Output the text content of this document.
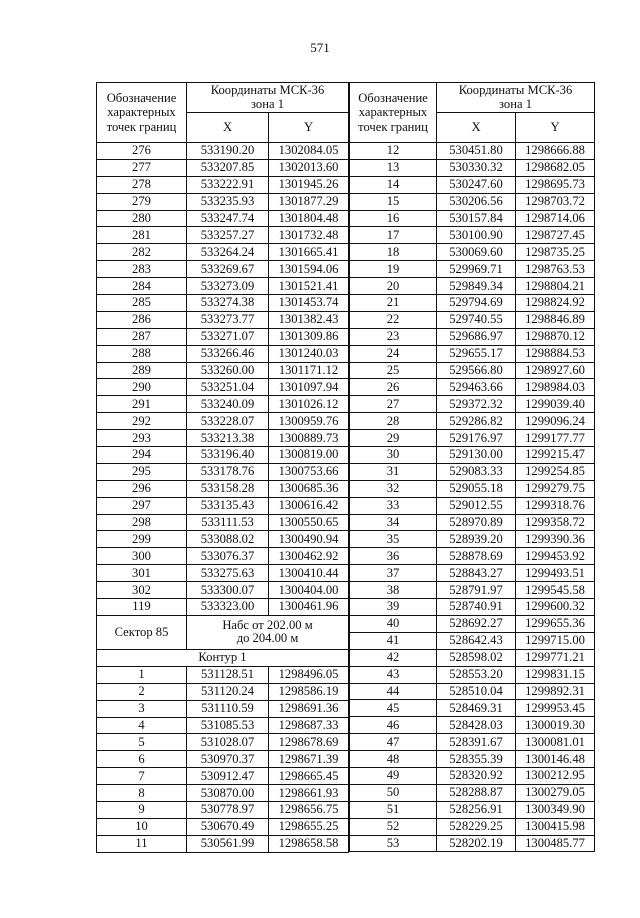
571
Обозначение характерных точек границ	Координаты МСК-36
зона 1	
	X	Y
276	533190.20	1302084.05
277	533207.85	1302013.60
278	533222.91	1301945.26
279	533235.93	1301877.29
280	533247.74	1301804.48
281	533257.27	1301732.48
282	533264.24	1301665.41
283	533269.67	1301594.06
284	533273.09	1301521.41
285	533274.38	1301453.74
286	533273.77	1301382.43
287	533271.07	1301309.86
288	533266.46	1301240.03
289	533260.00	1301171.12
290	533251.04	1301097.94
291	533240.09	1301026.12
292	533228.07	1300959.76
293	533213.38	1300889.73
294	533196.40	1300819.00
295	533178.76	1300753.66
296	533158.28	1300685.36
297	533135.43	1300616.42
298	533111.53	1300550.65
299	533088.02	1300490.94
300	533076.37	1300462.92
301	533275.63	1300410.44
302	533300.07	1300404.00
119	533323.00	1300461.96
Сектор 85	Набс от 202.00 м
до 204.00 м	
Контур 1		
1	531128.51	1298496.05
2	531120.24	1298586.19
3	531110.59	1298691.36
4	531085.53	1298687.33
5	531028.07	1298678.69
6	530970.37	1298671.39
7	530912.47	1298665.45
8	530870.00	1298661.93
9	530778.97	1298656.75
10	530670.49	1298655.25
11	530561.99	1298658.58
Обозначение характерных точек границ	Координаты МСК-36
зона 1	
	X	Y
12	530451.80	1298666.88
13	530330.32	1298682.05
14	530247.60	1298695.73
15	530206.56	1298703.72
16	530157.84	1298714.06
17	530100.90	1298727.45
18	530069.60	1298735.25
19	529969.71	1298763.53
20	529849.34	1298804.21
21	529794.69	1298824.92
22	529740.55	1298846.89
23	529686.97	1298870.12
24	529655.17	1298884.53
25	529566.80	1298927.60
26	529463.66	1298984.03
27	529372.32	1299039.40
28	529286.82	1299096.24
29	529176.97	1299177.77
30	529130.00	1299215.47
31	529083.33	1299254.85
32	529055.18	1299279.75
33	529012.55	1299318.76
34	528970.89	1299358.72
35	528939.20	1299390.36
36	528878.69	1299453.92
37	528843.27	1299493.51
38	528791.97	1299545.58
39	528740.91	1299600.32
40	528692.27	1299655.36
41	528642.43	1299715.00
42	528598.02	1299771.21
43	528553.20	1299831.15
44	528510.04	1299892.31
45	528469.31	1299953.45
46	528428.03	1300019.30
47	528391.67	1300081.01
48	528355.39	1300146.48
49	528320.92	1300212.95
50	528288.87	1300279.05
51	528256.91	1300349.90
52	528229.25	1300415.98
53	528202.19	1300485.77
